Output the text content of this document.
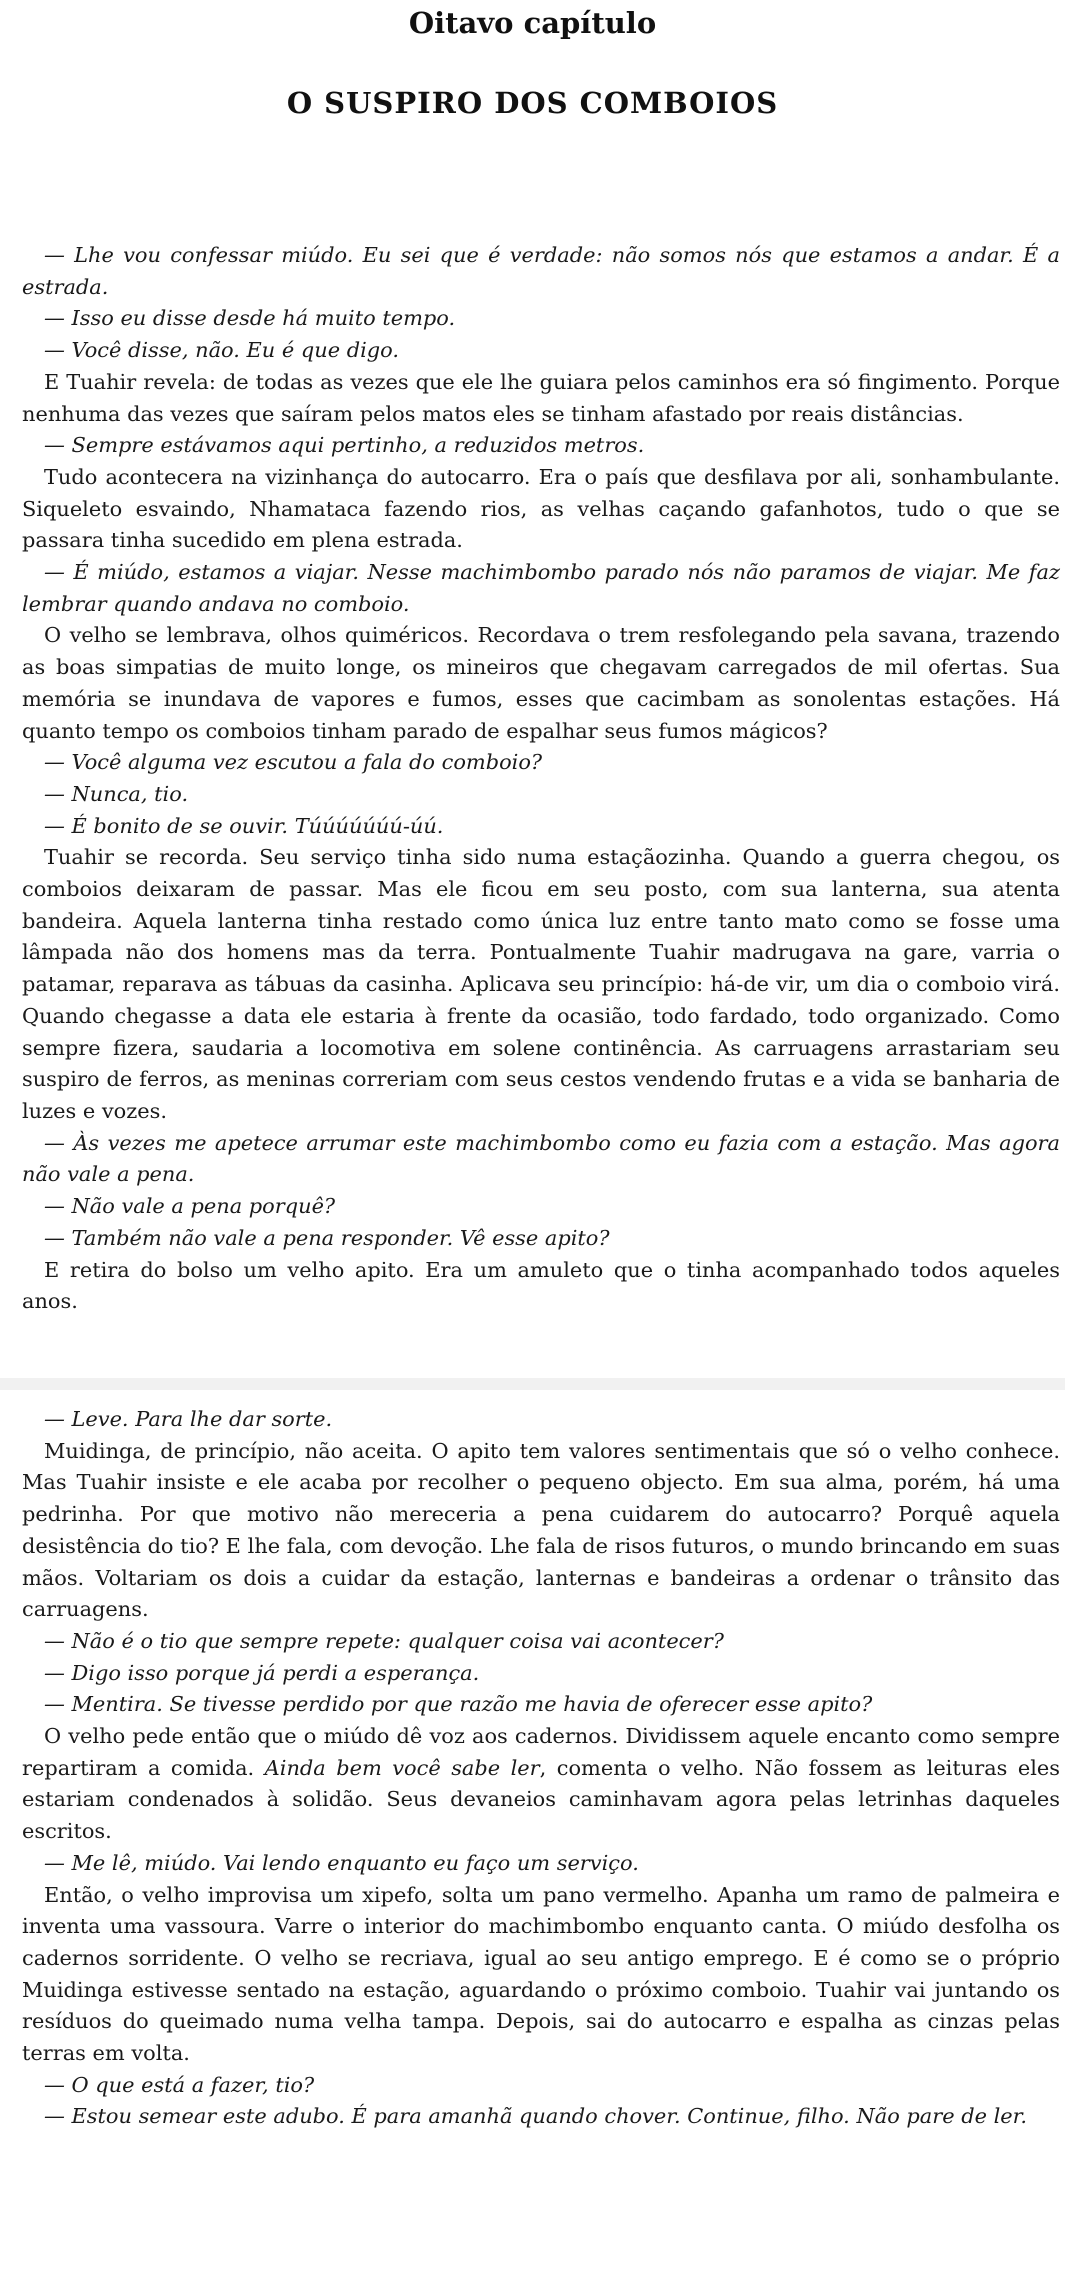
Oitavo capítulo
O SUSPIRO DOS COMBOIOS

— Lhe vou confessar miúdo. Eu sei que é verdade: não somos nós que estamos a andar. É a estrada.

— Isso eu disse desde há muito tempo.

— Você disse, não. Eu é que digo.

E Tuahir revela: de todas as vezes que ele lhe guiara pelos caminhos era só fingimento. Porque nenhuma das vezes que saíram pelos matos eles se tinham afastado por reais distâncias.

— Sempre estávamos aqui pertinho, a reduzidos metros.

Tudo acontecera na vizinhança do autocarro. Era o país que desfilava por ali, sonhambulante. Siqueleto esvaindo, Nhamataca fazendo rios, as velhas caçando gafanhotos, tudo o que se passara tinha sucedido em plena estrada.

— É miúdo, estamos a viajar. Nesse machimbombo parado nós não paramos de viajar. Me faz lembrar quando andava no comboio.

O velho se lembrava, olhos quiméricos. Recordava o trem resfolegando pela savana, trazendo as boas simpatias de muito longe, os mineiros que chegavam carregados de mil ofertas. Sua memória se inundava de vapores e fumos, esses que cacimbam as sonolentas estações. Há quanto tempo os comboios tinham parado de espalhar seus fumos mágicos?

— Você alguma vez escutou a fala do comboio?

— Nunca, tio.

— É bonito de se ouvir. Túúúúúúú-úú.

Tuahir se recorda. Seu serviço tinha sido numa estaçãozinha. Quando a guerra chegou, os comboios deixaram de passar. Mas ele ficou em seu posto, com sua lanterna, sua atenta bandeira. Aquela lanterna tinha restado como única luz entre tanto mato como se fosse uma lâmpada não dos homens mas da terra. Pontualmente Tuahir madrugava na gare, varria o patamar, reparava as tábuas da casinha. Aplicava seu princípio: há-de vir, um dia o comboio virá. Quando chegasse a data ele estaria à frente da ocasião, todo fardado, todo organizado. Como sempre fizera, saudaria a locomotiva em solene continência. As carruagens arrastariam seu suspiro de ferros, as meninas correriam com seus cestos vendendo frutas e a vida se banharia de luzes e vozes.

— Às vezes me apetece arrumar este machimbombo como eu fazia com a estação. Mas agora não vale a pena.

— Não vale a pena porquê?

— Também não vale a pena responder. Vê esse apito?

E retira do bolso um velho apito. Era um amuleto que o tinha acompanhado todos aqueles anos.

— Leve. Para lhe dar sorte.

Muidinga, de princípio, não aceita. O apito tem valores sentimentais que só o velho conhece. Mas Tuahir insiste e ele acaba por recolher o pequeno objecto. Em sua alma, porém, há uma pedrinha. Por que motivo não mereceria a pena cuidarem do autocarro? Porquê aquela desistência do tio? E lhe fala, com devoção. Lhe fala de risos futuros, o mundo brincando em suas mãos. Voltariam os dois a cuidar da estação, lanternas e bandeiras a ordenar o trânsito das carruagens.

— Não é o tio que sempre repete: qualquer coisa vai acontecer?

— Digo isso porque já perdi a esperança.

— Mentira. Se tivesse perdido por que razão me havia de oferecer esse apito?

O velho pede então que o miúdo dê voz aos cadernos. Dividissem aquele encanto como sempre repartiram a comida. Ainda bem você sabe ler, comenta o velho. Não fossem as leituras eles estariam condenados à solidão. Seus devaneios caminhavam agora pelas letrinhas daqueles escritos.

— Me lê, miúdo. Vai lendo enquanto eu faço um serviço.

Então, o velho improvisa um xipefo, solta um pano vermelho. Apanha um ramo de palmeira e inventa uma vassoura. Varre o interior do machimbombo enquanto canta. O miúdo desfolha os cadernos sorridente. O velho se recriava, igual ao seu antigo emprego. E é como se o próprio Muidinga estivesse sentado na estação, aguardando o próximo comboio. Tuahir vai juntando os resíduos do queimado numa velha tampa. Depois, sai do autocarro e espalha as cinzas pelas terras em volta.

— O que está a fazer, tio?

— Estou semear este adubo. É para amanhã quando chover. Continue, filho. Não pare de ler.
